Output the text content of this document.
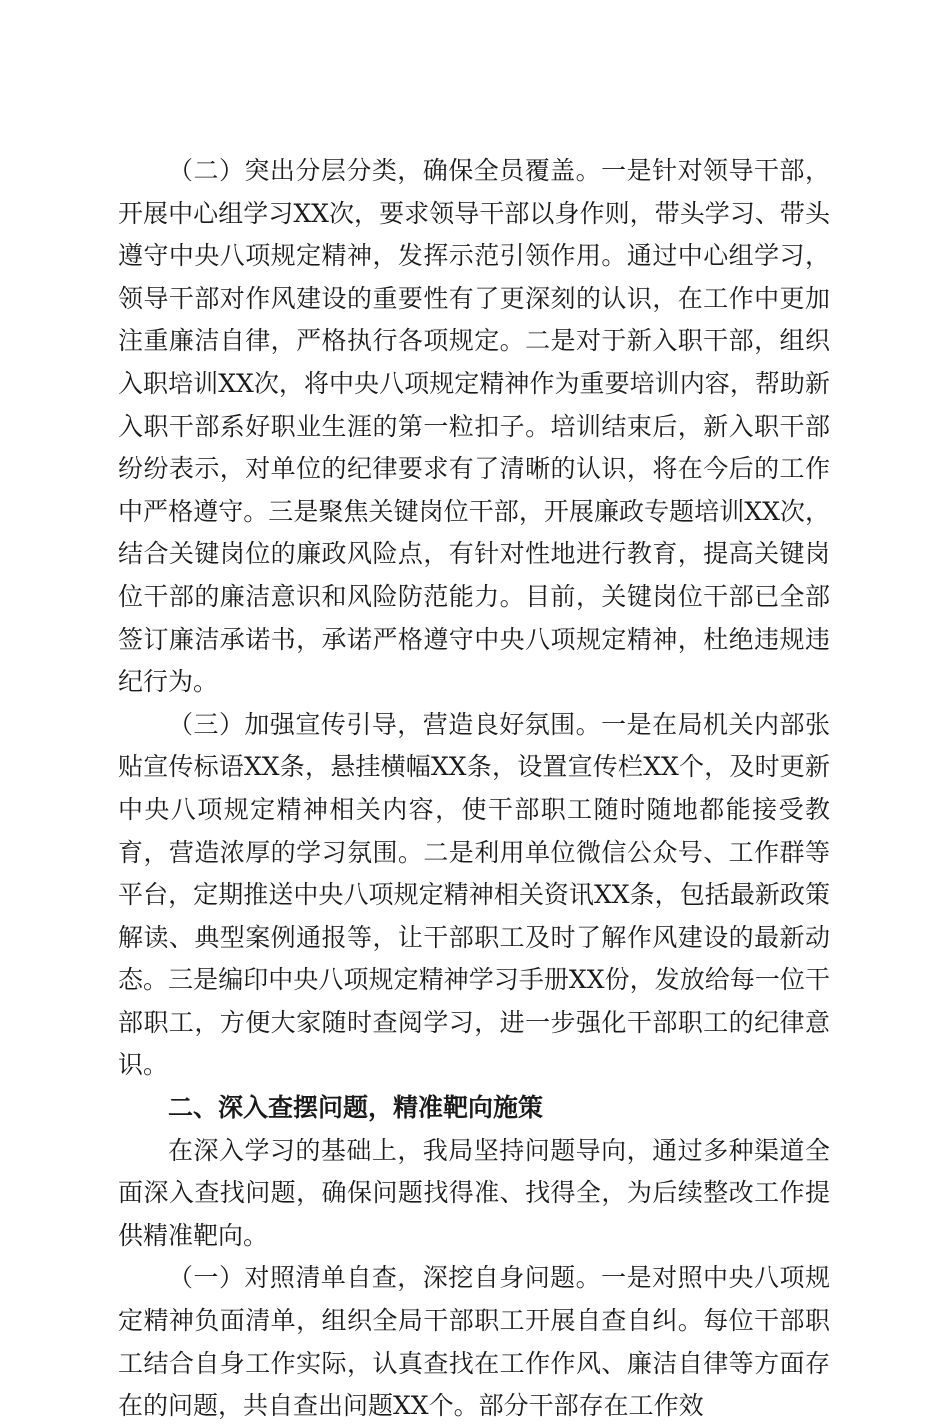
（二）突出分层分类，确保全员覆盖。一是针对领导干部，开展中心组学习XX次，要求领导干部以身作则，带头学习、带头遵守中央八项规定精神，发挥示范引领作用。通过中心组学习，领导干部对作风建设的重要性有了更深刻的认识，在工作中更加注重廉洁自律，严格执行各项规定。二是对于新入职干部，组织入职培训XX次，将中央八项规定精神作为重要培训内容，帮助新入职干部系好职业生涯的第一粒扣子。培训结束后，新入职干部纷纷表示，对单位的纪律要求有了清晰的认识，将在今后的工作中严格遵守。三是聚焦关键岗位干部，开展廉政专题培训XX次，结合关键岗位的廉政风险点，有针对性地进行教育，提高关键岗位干部的廉洁意识和风险防范能力。目前，关键岗位干部已全部签订廉洁承诺书，承诺严格遵守中央八项规定精神，杜绝违规违纪行为。

（三）加强宣传引导，营造良好氛围。一是在局机关内部张贴宣传标语XX条，悬挂横幅XX条，设置宣传栏XX个，及时更新中央八项规定精神相关内容，使干部职工随时随地都能接受教育，营造浓厚的学习氛围。二是利用单位微信公众号、工作群等平台，定期推送中央八项规定精神相关资讯XX条，包括最新政策解读、典型案例通报等，让干部职工及时了解作风建设的最新动态。三是编印中央八项规定精神学习手册XX份，发放给每一位干部职工，方便大家随时查阅学习，进一步强化干部职工的纪律意识。

二、深入查摆问题，精准靶向施策

在深入学习的基础上，我局坚持问题导向，通过多种渠道全面深入查找问题，确保问题找得准、找得全，为后续整改工作提供精准靶向。

（一）对照清单自查，深挖自身问题。一是对照中央八项规定精神负面清单，组织全局干部职工开展自查自纠。每位干部职工结合自身工作实际，认真查找在工作作风、廉洁自律等方面存在的问题，共自查出问题XX个。部分干部存在工作效
